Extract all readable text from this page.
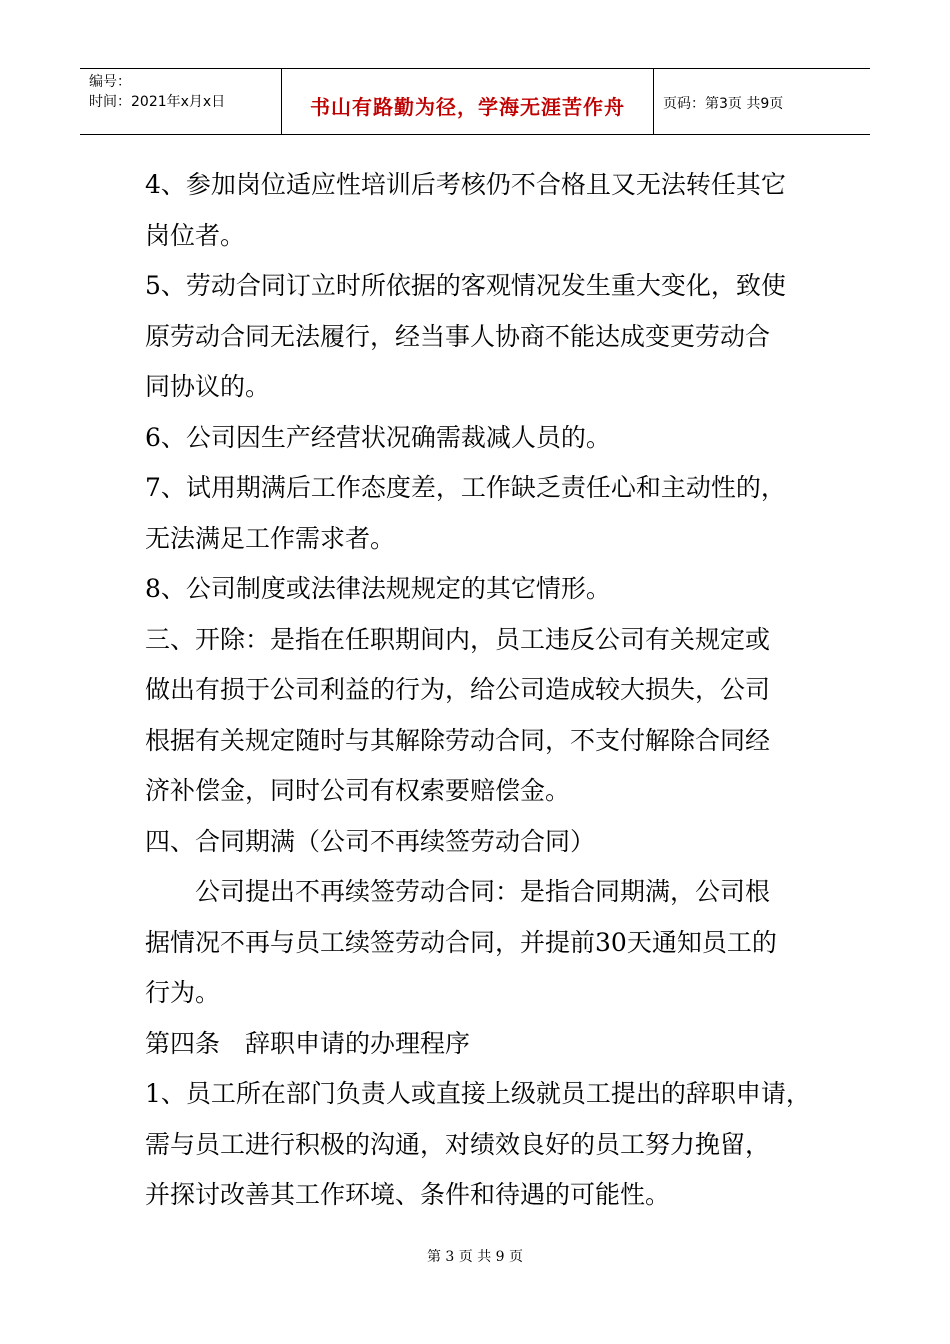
编号：
时间：2021年x月x日	书山有路勤为径，学海无涯苦作舟	页码：第3页 共9页
4、参加岗位适应性培训后考核仍不合格且又无法转任其它
岗位者。
5、劳动合同订立时所依据的客观情况发生重大变化，致使
原劳动合同无法履行，经当事人协商不能达成变更劳动合
同协议的。
6、公司因生产经营状况确需裁减人员的。
7、试用期满后工作态度差，工作缺乏责任心和主动性的，
无法满足工作需求者。
8、公司制度或法律法规规定的其它情形。
三、开除：是指在任职期间内，员工违反公司有关规定或
做出有损于公司利益的行为，给公司造成较大损失，公司
根据有关规定随时与其解除劳动合同，不支付解除合同经
济补偿金，同时公司有权索要赔偿金。
四、合同期满（公司不再续签劳动合同）
公司提出不再续签劳动合同：是指合同期满，公司根
据情况不再与员工续签劳动合同，并提前30天通知员工的
行为。
第四条　辞职申请的办理程序
1、员工所在部门负责人或直接上级就员工提出的辞职申请，
需与员工进行积极的沟通，对绩效良好的员工努力挽留，
并探讨改善其工作环境、条件和待遇的可能性。
第 3 页 共 9 页
